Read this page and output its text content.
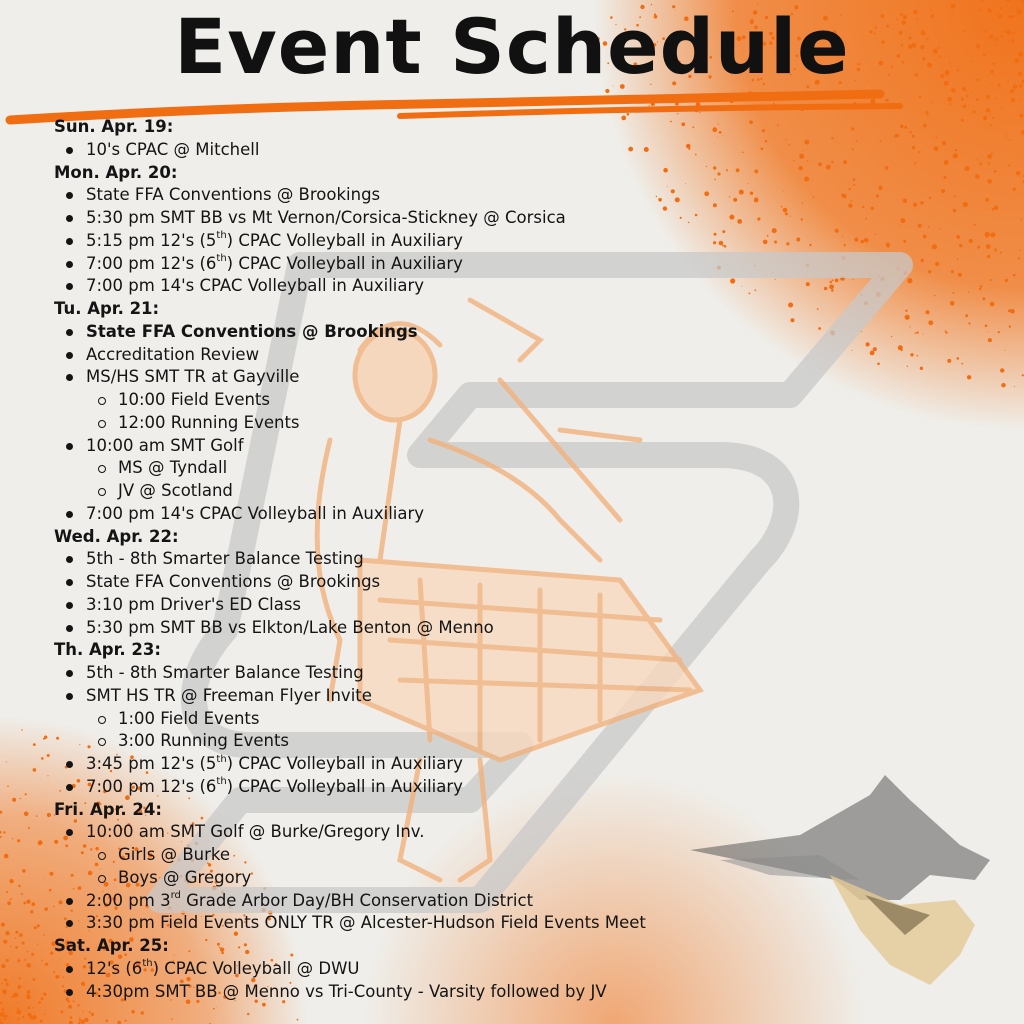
Event Schedule
Sun. Apr. 19:
10's CPAC @ Mitchell
Mon. Apr. 20:
State FFA Conventions @ Brookings
5:30 pm SMT BB vs Mt Vernon/Corsica-Stickney @ Corsica
5:15 pm 12's (5th) CPAC Volleyball in Auxiliary
7:00 pm 12's (6th) CPAC Volleyball in Auxiliary
7:00 pm 14's CPAC Volleyball in Auxiliary
Tu. Apr. 21:
State FFA Conventions @ Brookings
Accreditation Review
MS/HS SMT TR at Gayville
10:00 Field Events
12:00 Running Events
10:00 am SMT Golf
MS @ Tyndall
JV @ Scotland
7:00 pm 14's CPAC Volleyball in Auxiliary
Wed. Apr. 22:
5th - 8th Smarter Balance Testing
State FFA Conventions @ Brookings
3:10 pm Driver's ED Class
5:30 pm SMT BB vs Elkton/Lake Benton @ Menno
Th. Apr. 23:
5th - 8th Smarter Balance Testing
SMT HS TR @ Freeman Flyer Invite
1:00 Field Events
3:00 Running Events
3:45 pm 12's (5th) CPAC Volleyball in Auxiliary
7:00 pm 12's (6th) CPAC Volleyball in Auxiliary
Fri. Apr. 24:
10:00 am SMT Golf @ Burke/Gregory Inv.
Girls @ Burke
Boys @ Gregory
2:00 pm 3rd Grade Arbor Day/BH Conservation District
3:30 pm Field Events ONLY TR @ Alcester-Hudson Field Events Meet
Sat. Apr. 25:
12's (6th) CPAC Volleyball @ DWU
4:30pm SMT BB @ Menno vs Tri-County - Varsity followed by JV
